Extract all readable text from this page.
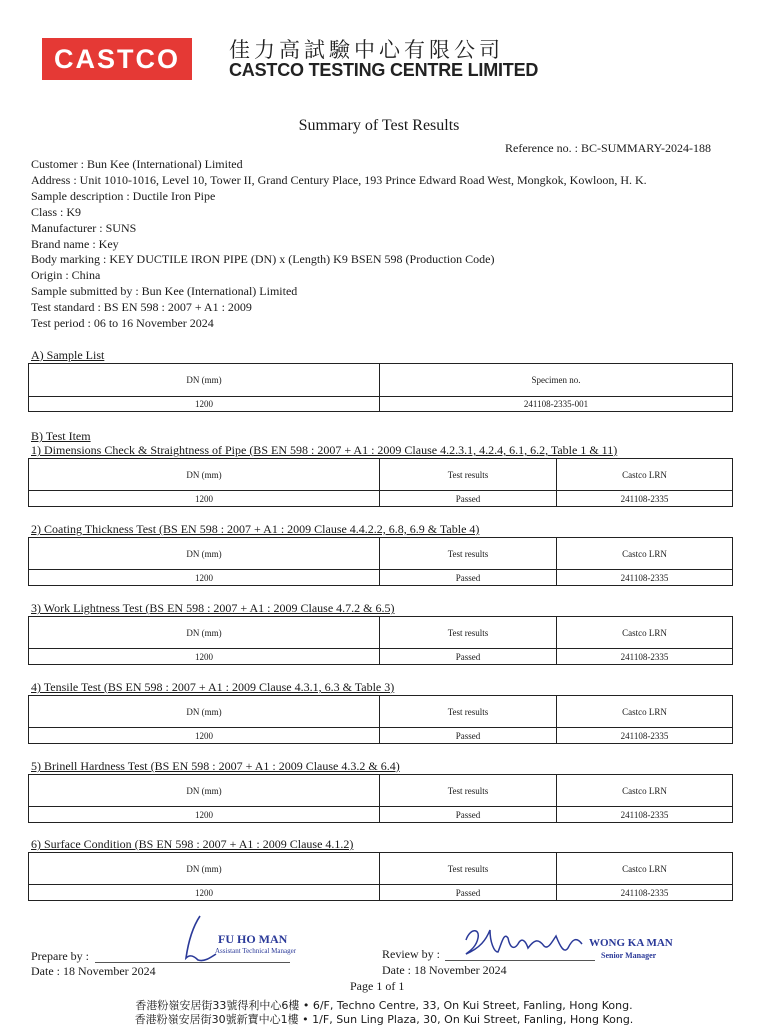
CASTCO 佳力高試驗中心有限公司
CASTCO TESTING CENTRE LIMITED
Summary of Test Results
Reference no. : BC-SUMMARY-2024-188
Customer : Bun Kee (International) Limited
Address : Unit 1010-1016, Level 10, Tower II, Grand Century Place, 193 Prince Edward Road West, Mongkok, Kowloon, H. K.
Sample description : Ductile Iron Pipe
Class : K9
Manufacturer : SUNS
Brand name : Key
Body marking : KEY DUCTILE IRON PIPE (DN) x (Length) K9 BSEN 598 (Production Code)
Origin : China
Sample submitted by : Bun Kee (International) Limited
Test standard : BS EN 598 : 2007 + A1 : 2009
Test period : 06 to 16 November 2024
A) Sample List
DN (mm)	Specimen no.
1200	241108-2335-001
B) Test Item
1) Dimensions Check & Straightness of Pipe (BS EN 598 : 2007 + A1 : 2009 Clause 4.2.3.1, 4.2.4, 6.1, 6.2, Table 1 & 11)
DN (mm)	Test results	Castco LRN
1200	Passed	241108-2335
2) Coating Thickness Test (BS EN 598 : 2007 + A1 : 2009 Clause 4.4.2.2, 6.8, 6.9 & Table 4)
DN (mm)	Test results	Castco LRN
1200	Passed	241108-2335
3) Work Lightness Test (BS EN 598 : 2007 + A1 : 2009 Clause 4.7.2 & 6.5)
DN (mm)	Test results	Castco LRN
1200	Passed	241108-2335
4) Tensile Test (BS EN 598 : 2007 + A1 : 2009 Clause 4.3.1, 6.3 & Table 3)
DN (mm)	Test results	Castco LRN
1200	Passed	241108-2335
5) Brinell Hardness Test (BS EN 598 : 2007 + A1 : 2009 Clause 4.3.2 & 6.4)
DN (mm)	Test results	Castco LRN
1200	Passed	241108-2335
6) Surface Condition (BS EN 598 : 2007 + A1 : 2009 Clause 4.1.2)
DN (mm)	Test results	Castco LRN
1200	Passed	241108-2335
Prepare by :
FU HO MAN
Assistant Technical Manager
Date : 18 November 2024
Review by :
WONG KA MAN
Senior Manager
Date : 18 November 2024
Page 1 of 1
香港粉嶺安居街33號得利中心6樓 • 6/F, Techno Centre, 33, On Kui Street, Fanling, Hong Kong.
香港粉嶺安居街30號新寶中心1樓 • 1/F, Sun Ling Plaza, 30, On Kui Street, Fanling, Hong Kong.
